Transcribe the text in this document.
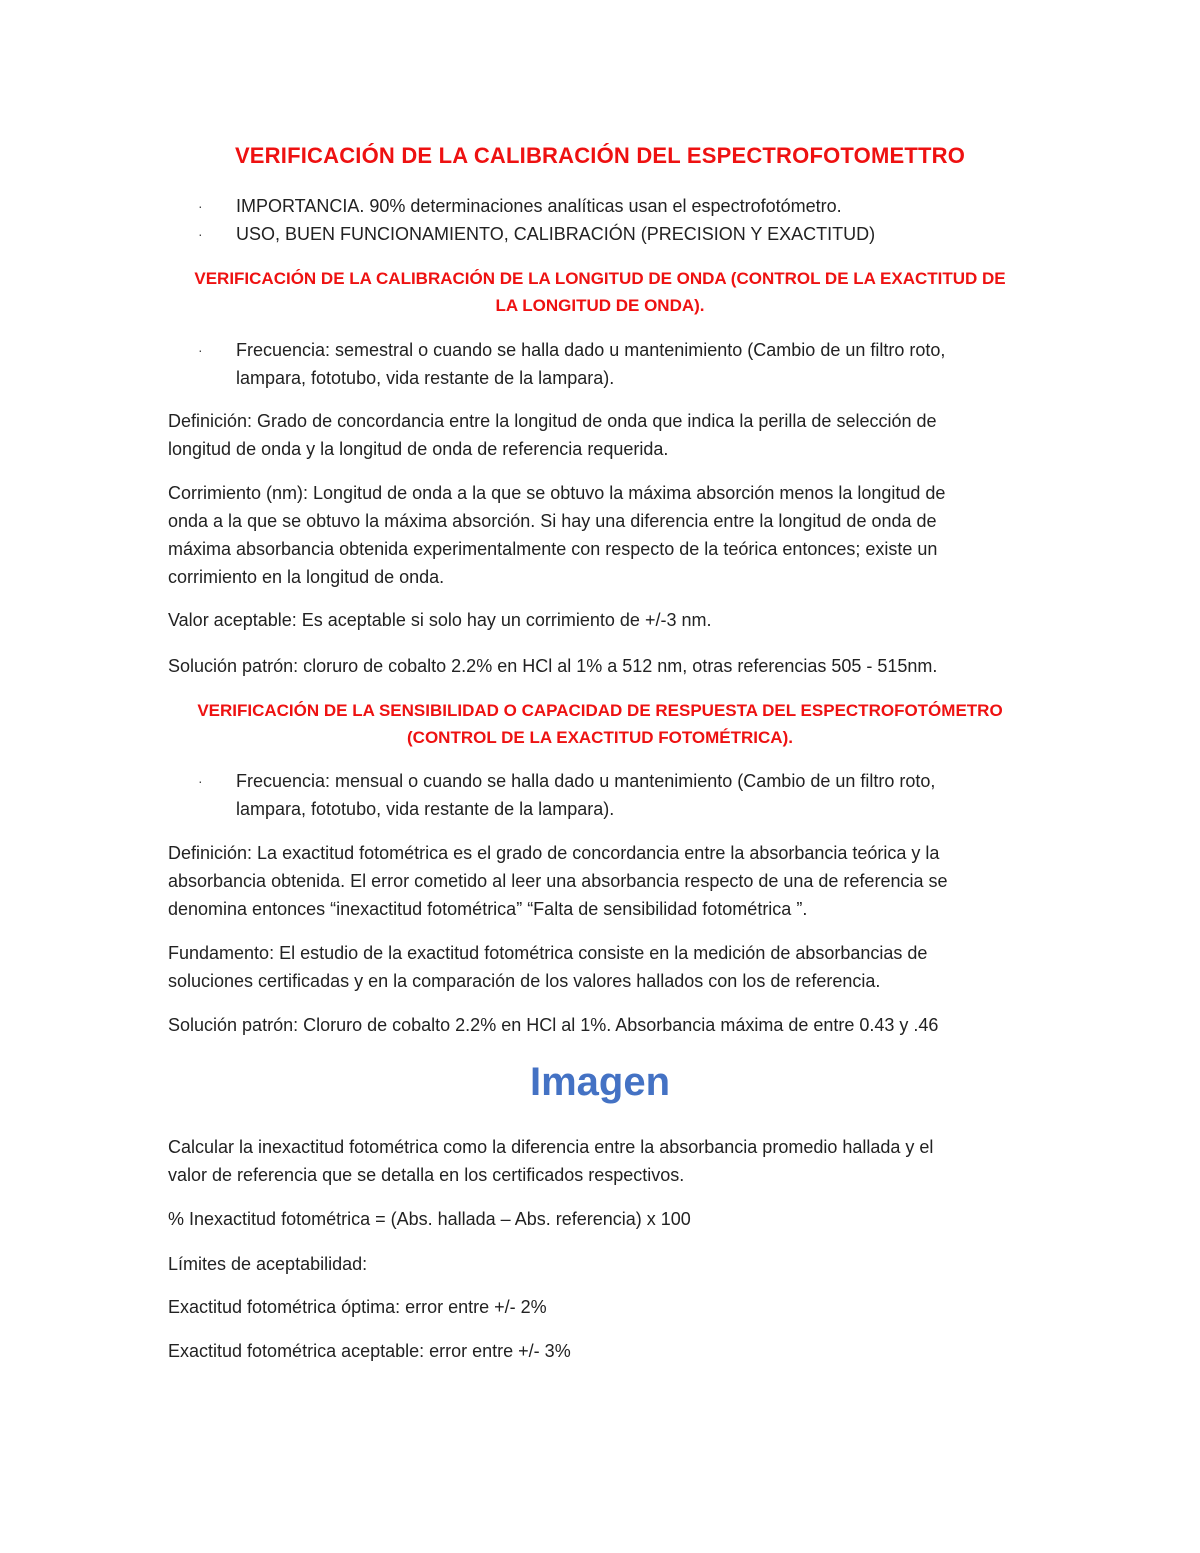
VERIFICACIÓN DE LA CALIBRACIÓN DEL ESPECTROFOTOMETTRO
· IMPORTANCIA. 90% determinaciones analíticas usan el espectrofotómetro.
· USO, BUEN FUNCIONAMIENTO, CALIBRACIÓN (PRECISION Y EXACTITUD)
VERIFICACIÓN DE LA CALIBRACIÓN DE LA LONGITUD DE ONDA (CONTROL DE LA EXACTITUD DE
LA LONGITUD DE ONDA).
· Frecuencia: semestral o cuando se halla dado u mantenimiento (Cambio de un filtro roto,
lampara, fototubo, vida restante de la lampara).
Definición: Grado de concordancia entre la longitud de onda que indica la perilla de selección de
longitud de onda y la longitud de onda de referencia requerida.
Corrimiento (nm): Longitud de onda a la que se obtuvo la máxima absorción menos la longitud de
onda a la que se obtuvo la máxima absorción. Si hay una diferencia entre la longitud de onda de
máxima absorbancia obtenida experimentalmente con respecto de la teórica entonces; existe un
corrimiento en la longitud de onda.
Valor aceptable: Es aceptable si solo hay un corrimiento de +/-3 nm.
Solución patrón: cloruro de cobalto 2.2% en HCl al 1% a 512 nm, otras referencias 505 - 515nm.
VERIFICACIÓN DE LA SENSIBILIDAD O CAPACIDAD DE RESPUESTA DEL ESPECTROFOTÓMETRO
(CONTROL DE LA EXACTITUD FOTOMÉTRICA).
· Frecuencia: mensual o cuando se halla dado u mantenimiento (Cambio de un filtro roto,
lampara, fototubo, vida restante de la lampara).
Definición: La exactitud fotométrica es el grado de concordancia entre la absorbancia teórica y la
absorbancia obtenida. El error cometido al leer una absorbancia respecto de una de referencia se
denomina entonces “inexactitud fotométrica” “Falta de sensibilidad fotométrica ”.
Fundamento: El estudio de la exactitud fotométrica consiste en la medición de absorbancias de
soluciones certificadas y en la comparación de los valores hallados con los de referencia.
Solución patrón: Cloruro de cobalto 2.2% en HCl al 1%. Absorbancia máxima de entre 0.43 y .46
Imagen
Calcular la inexactitud fotométrica como la diferencia entre la absorbancia promedio hallada y el
valor de referencia que se detalla en los certificados respectivos.
% Inexactitud fotométrica = (Abs. hallada – Abs. referencia) x 100
Límites de aceptabilidad:
Exactitud fotométrica óptima: error entre +/- 2%
Exactitud fotométrica aceptable: error entre +/- 3%
